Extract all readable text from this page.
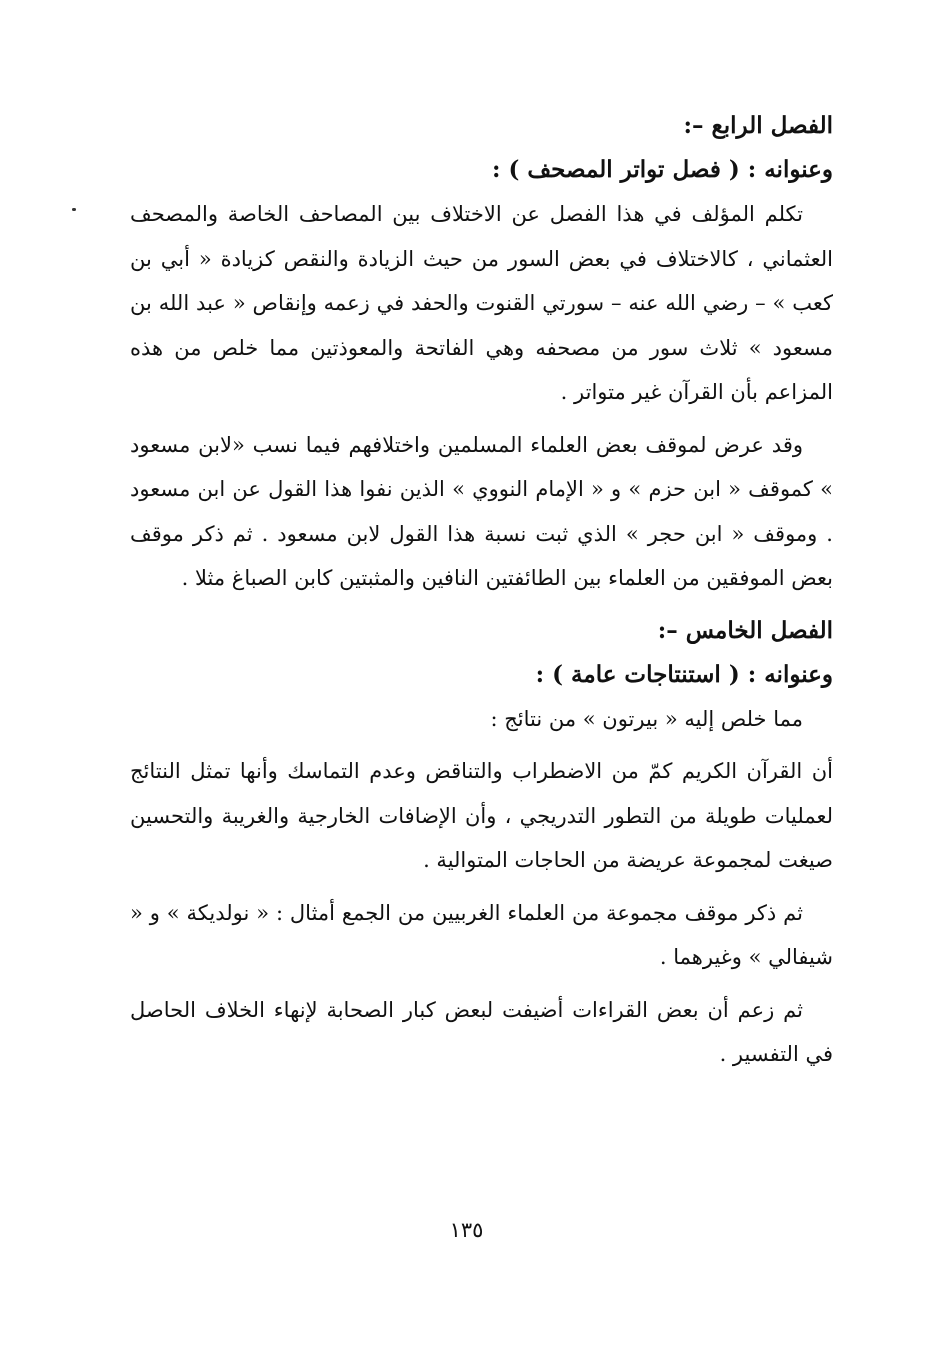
الفصل الرابع –:

وعنوانه : ( فصل تواتر المصحف ) :

تكلم المؤلف في هذا الفصل عن الاختلاف بين المصاحف الخاصة والمصحف العثماني ، كالاختلاف في بعض السور من حيث الزيادة والنقص كزيادة « أبي بن كعب » – رضي الله عنه – سورتي القنوت والحفد في زعمه وإنقاص « عبد الله بن مسعود » ثلاث سور من مصحفه وهي الفاتحة والمعوذتين مما خلص من هذه المزاعم بأن القرآن غير متواتر .

وقد عرض لموقف بعض العلماء المسلمين واختلافهم فيما نسب «لابن مسعود » كموقف « ابن حزم » و « الإمام النووي » الذين نفوا هذا القول عن ابن مسعود . وموقف « ابن حجر » الذي ثبت نسبة هذا القول لابن مسعود . ثم ذكر موقف بعض الموفقين من العلماء بين الطائفتين النافين والمثبتين كابن الصباغ مثلا .

الفصل الخامس –:

وعنوانه : ( استنتاجات عامة ) :

مما خلص إليه « بيرتون » من نتائج :

أن القرآن الكريم كمّ من الاضطراب والتناقض وعدم التماسك وأنها تمثل النتائج لعمليات طويلة من التطور التدريجي ، وأن الإضافات الخارجية والغريبة والتحسين صيغت لمجموعة عريضة من الحاجات المتوالية .

ثم ذكر موقف مجموعة من العلماء الغربيين من الجمع أمثال : « نولديكة » و « شيفالي » وغيرهما .

ثم زعم أن بعض القراءات أضيفت لبعض كبار الصحابة لإنهاء الخلاف الحاصل في التفسير .

١٣٥
